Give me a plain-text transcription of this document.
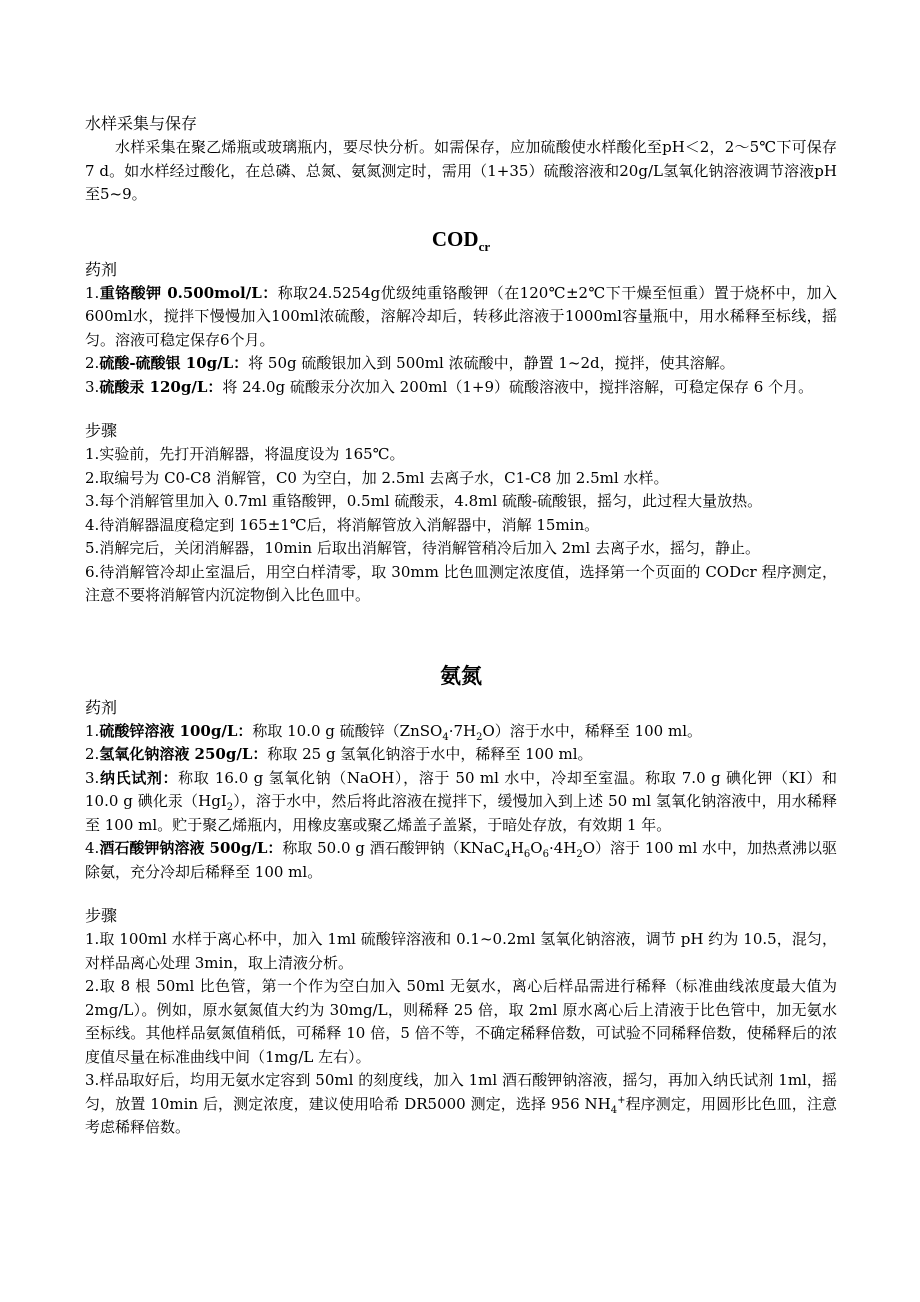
水样采集与保存

水样采集在聚乙烯瓶或玻璃瓶内，要尽快分析。如需保存，应加硫酸使水样酸化至pH＜2，2～5℃下可保存7 d。如水样经过酸化，在总磷、总氮、氨氮测定时，需用（1+35）硫酸溶液和20g/L氢氧化钠溶液调节溶液pH至5~9。

$COD_{cr}$

药剂

1.重铬酸钾 0.500mol/L：称取24.5254g优级纯重铬酸钾（在120℃±2℃下干燥至恒重）置于烧杯中，加入600ml水，搅拌下慢慢加入100ml浓硫酸，溶解冷却后，转移此溶液于1000ml容量瓶中，用水稀释至标线，摇匀。溶液可稳定保存6个月。

2.硫酸-硫酸银 10g/L：将 50g 硫酸银加入到 500ml 浓硫酸中，静置 1~2d，搅拌，使其溶解。

3.硫酸汞 120g/L：将 24.0g 硫酸汞分次加入 200ml（1+9）硫酸溶液中，搅拌溶解，可稳定保存 6 个月。

步骤

1.实验前，先打开消解器，将温度设为 165℃。

2.取编号为 C0-C8 消解管，C0 为空白，加 2.5ml 去离子水，C1-C8 加 2.5ml 水样。

3.每个消解管里加入 0.7ml 重铬酸钾，0.5ml 硫酸汞，4.8ml 硫酸-硫酸银，摇匀，此过程大量放热。

4.待消解器温度稳定到 165±1℃后，将消解管放入消解器中，消解 15min。

5.消解完后，关闭消解器，10min 后取出消解管，待消解管稍冷后加入 2ml 去离子水，摇匀，静止。

6.待消解管冷却止室温后，用空白样清零，取 30mm 比色皿测定浓度值，选择第一个页面的 CODcr 程序测定，注意不要将消解管内沉淀物倒入比色皿中。

氨氮

药剂

1.硫酸锌溶液 100g/L：称取 10.0 g 硫酸锌$(ZnSO_4\cdot 7H_2O)$溶于水中，稀释至 100 ml。

2.氢氧化钠溶液 250g/L：称取 25 g 氢氧化钠溶于水中，稀释至 100 ml。

3.纳氏试剂：称取 16.0 g 氢氧化钠（NaOH），溶于 50 ml 水中，冷却至室温。称取 7.0 g 碘化钾（KI）和 10.0 g 碘化汞（HgI$_2$），溶于水中，然后将此溶液在搅拌下，缓慢加入到上述 50 ml 氢氧化钠溶液中，用水稀释至 100 ml。贮于聚乙烯瓶内，用橡皮塞或聚乙烯盖子盖紧，于暗处存放，有效期 1 年。

4.酒石酸钾钠溶液 500g/L：称取 50.0 g 酒石酸钾钠$(KNaC_4H_6O_6\cdot 4H_2O)$溶于 100 ml 水中，加热煮沸以驱除氨，充分冷却后稀释至 100 ml。

步骤

1.取 100ml 水样于离心杯中，加入 1ml 硫酸锌溶液和 0.1~0.2ml 氢氧化钠溶液，调节 pH 约为 10.5，混匀，对样品离心处理 3min，取上清液分析。

2.取 8 根 50ml 比色管，第一个作为空白加入 50ml 无氨水，离心后样品需进行稀释（标准曲线浓度最大值为 2mg/L）。例如，原水氨氮值大约为 30mg/L，则稀释 25 倍，取 2ml 原水离心后上清液于比色管中，加无氨水至标线。其他样品氨氮值稍低，可稀释 10 倍，5 倍不等，不确定稀释倍数，可试验不同稀释倍数，使稀释后的浓度值尽量在标准曲线中间（1mg/L 左右）。

3.样品取好后，均用无氨水定容到 50ml 的刻度线，加入 1ml 酒石酸钾钠溶液，摇匀，再加入纳氏试剂 1ml，摇匀，放置 10min 后，测定浓度，建议使用哈希 DR5000 测定，选择 956 $NH_4^+$程序测定，用圆形比色皿，注意考虑稀释倍数。
